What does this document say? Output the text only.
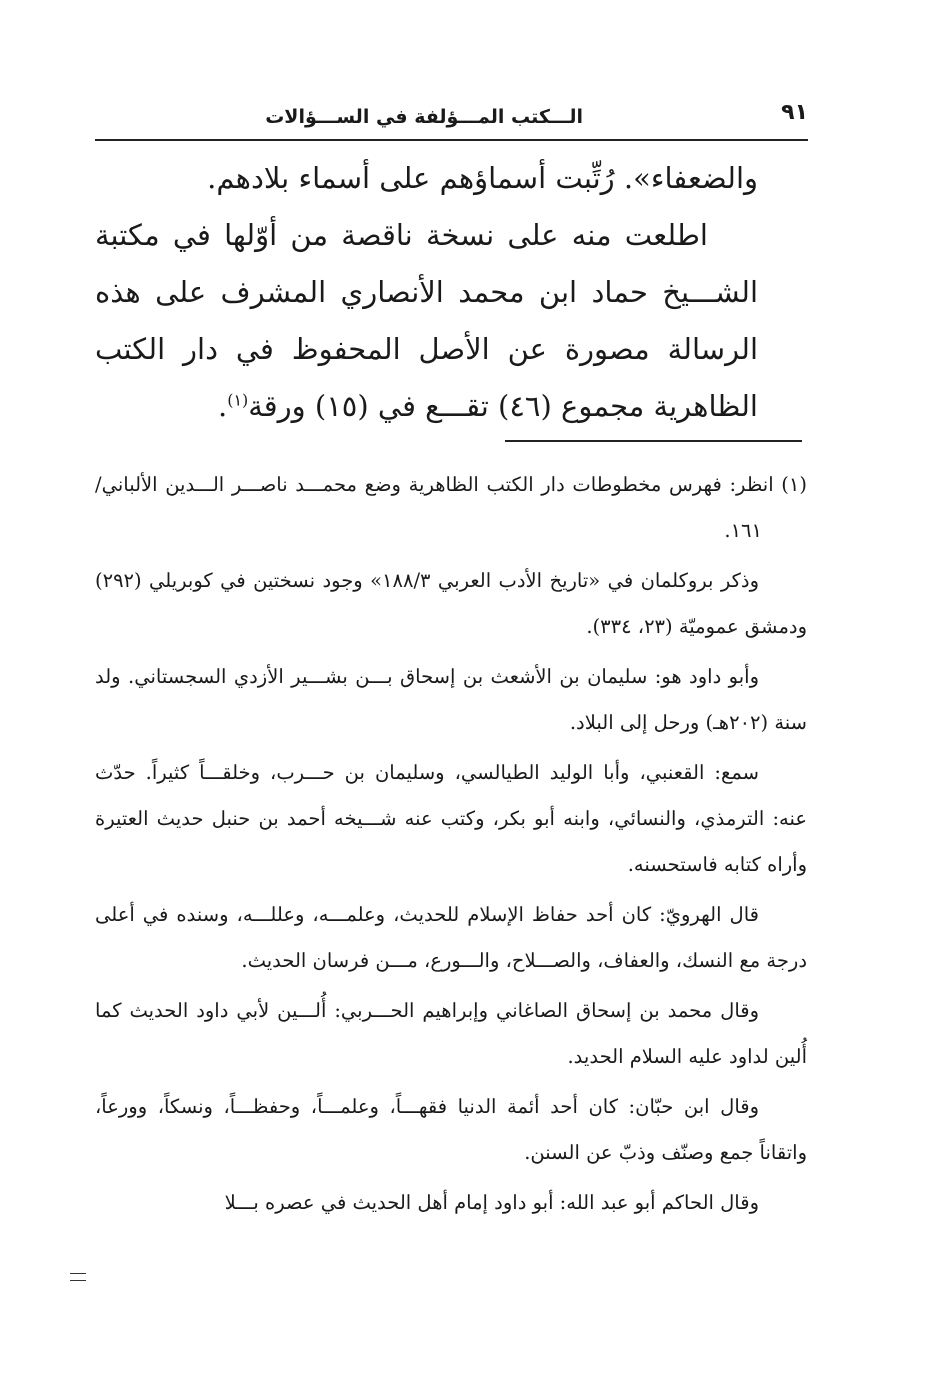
الـــكتب المـــؤلفة في الســـؤالات	٩١

والضعفاء». رُتِّبت أسماؤهم على أسماء بلادهم.

اطلعت منه على نسخة ناقصة من أوّلها في مكتبة الشـــيخ حماد ابن محمد الأنصاري المشرف على هذه الرسالة مصورة عن الأصل المحفوظ في دار الكتب الظاهرية مجموع (٤٦) تقـــع في (١٥) ورقة$^{(١)}$.

(١) انظر: فهرس مخطوطات دار الكتب الظاهرية وضع محمـــد ناصـــر الـــدين الألباني/١٦١.

وذكر بروكلمان في «تاريخ الأدب العربي ١٨٨/٣» وجود نسختين في كوبريلي (٢٩٢) ودمشق عموميّة (٢٣، ٣٣٤).

وأبو داود هو: سليمان بن الأشعث بن إسحاق بـــن بشـــير الأزدي السجستاني. ولد سنة (٢٠٢هـ) ورحل إلى البلاد.

سمع: القعنبي، وأبا الوليد الطيالسي، وسليمان بن حـــرب، وخلقـــاً كثيراً. حدّث عنه: الترمذي، والنسائي، وابنه أبو بكر، وكتب عنه شـــيخه أحمد بن حنبل حديث العتيرة وأراه كتابه فاستحسنه.

قال الهرويّ: كان أحد حفاظ الإسلام للحديث، وعلمـــه، وعللـــه، وسنده في أعلى درجة مع النسك، والعفاف، والصـــلاح، والـــورع، مـــن فرسان الحديث.

وقال محمد بن إسحاق الصاغاني وإبراهيم الحـــربي: أُلـــين لأبي داود الحديث كما أُلين لداود عليه السلام الحديد.

وقال ابن حبّان: كان أحد أئمة الدنيا فقهـــاً، وعلمـــاً، وحفظـــاً، ونسكاً، وورعاً، واتقاناً جمع وصنّف وذبّ عن السنن.

وقال الحاكم أبو عبد الله: أبو داود إمام أهل الحديث في عصره بـــلا
